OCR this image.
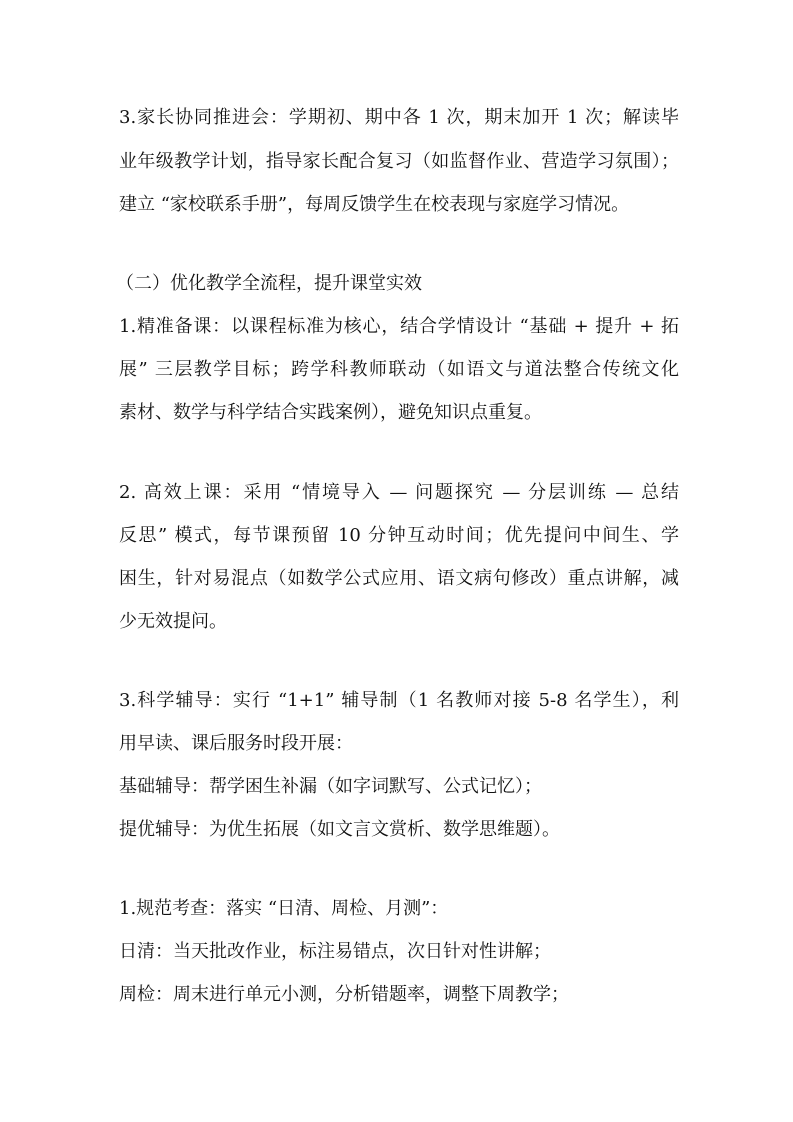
3.家长协同推进会：学期初、期中各 1 次，期末加开 1 次；解读毕
业年级教学计划，指导家长配合复习（如监督作业、营造学习氛围）；
建立 “家校联系手册”，每周反馈学生在校表现与家庭学习情况。
（二）优化教学全流程，提升课堂实效
1.精准备课：以课程标准为核心，结合学情设计 “基础 + 提升 + 拓
展” 三层教学目标；跨学科教师联动（如语文与道法整合传统文化
素材、数学与科学结合实践案例），避免知识点重复。
2. 高效上课：采用 “情境导入 — 问题探究 — 分层训练 — 总结
反思” 模式，每节课预留 10 分钟互动时间；优先提问中间生、学
困生，针对易混点（如数学公式应用、语文病句修改）重点讲解，减
少无效提问。
3.科学辅导：实行 “1+1” 辅导制（1 名教师对接 5-8 名学生），利
用早读、课后服务时段开展：
基础辅导：帮学困生补漏（如字词默写、公式记忆）；
提优辅导：为优生拓展（如文言文赏析、数学思维题）。
1.规范考查：落实 “日清、周检、月测”：
日清：当天批改作业，标注易错点，次日针对性讲解；
周检：周末进行单元小测，分析错题率，调整下周教学；
